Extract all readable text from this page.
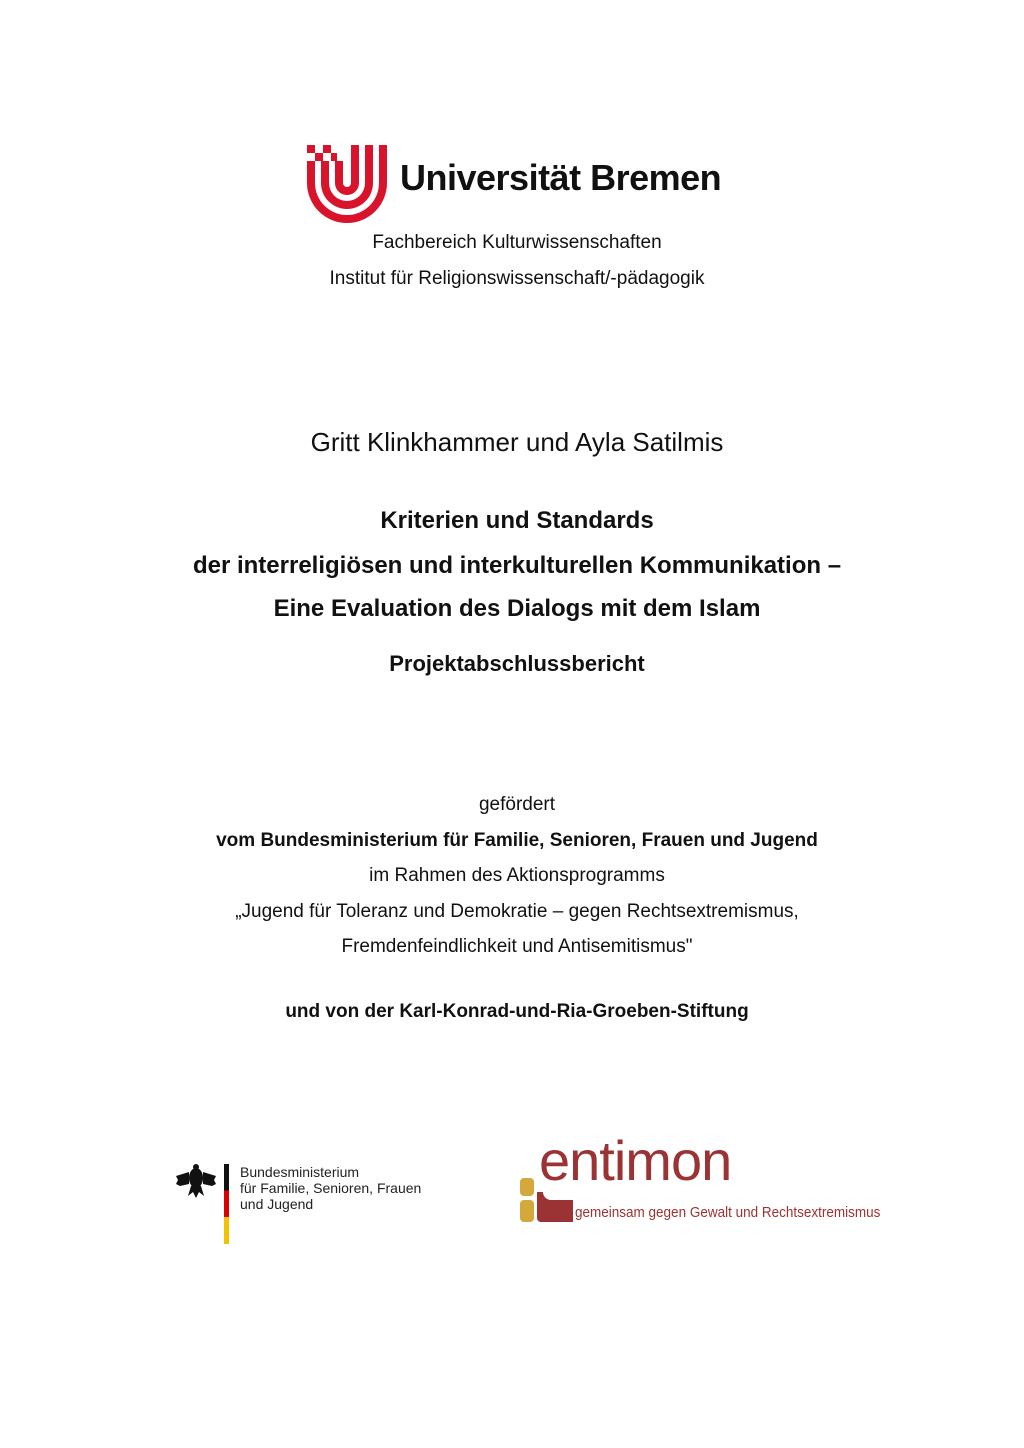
Universität Bremen
Fachbereich Kulturwissenschaften
Institut für Religionswissenschaft/-pädagogik
Gritt Klinkhammer und Ayla Satilmis
Kriterien und Standards
der interreligiösen und interkulturellen Kommunikation –
Eine Evaluation des Dialogs mit dem Islam
Projektabschlussbericht
gefördert
vom Bundesministerium für Familie, Senioren, Frauen und Jugend
im Rahmen des Aktionsprogramms
„Jugend für Toleranz und Demokratie – gegen Rechtsextremismus,
Fremdenfeindlichkeit und Antisemitismus"
und von der Karl-Konrad-und-Ria-Groeben-Stiftung
Bundesministerium
für Familie, Senioren, Frauen
und Jugend
entimon
gemeinsam gegen Gewalt und Rechtsextremismus
